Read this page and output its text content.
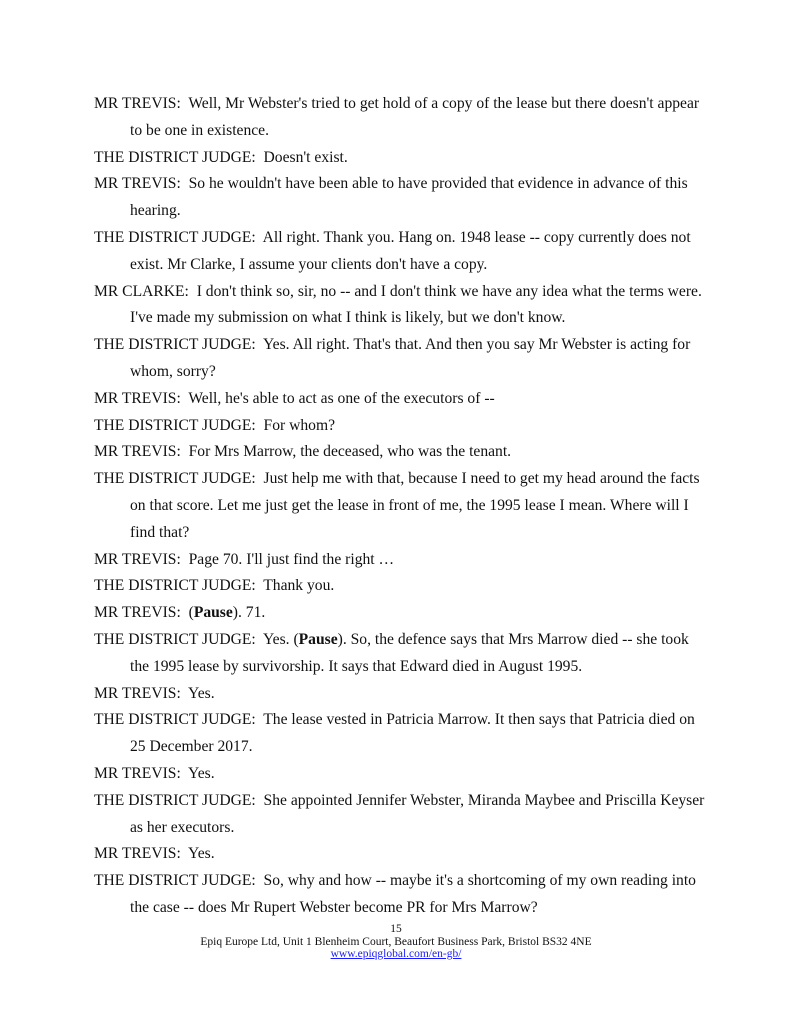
MR TREVIS : Well, Mr Webster's tried to get hold of a copy of the lease but there doesn't appear to be one in existence.

THE DISTRICT JUDGE : Doesn't exist.

MR TREVIS : So he wouldn't have been able to have provided that evidence in advance of this hearing.

THE DISTRICT JUDGE : All right. Thank you. Hang on. 1948 lease -- copy currently does not exist. Mr Clarke, I assume your clients don't have a copy.

MR CLARKE : I don't think so, sir, no -- and I don't think we have any idea what the terms were. I've made my submission on what I think is likely, but we don't know.

THE DISTRICT JUDGE : Yes. All right. That's that. And then you say Mr Webster is acting for whom, sorry?

MR TREVIS : Well, he's able to act as one of the executors of --

THE DISTRICT JUDGE : For whom?

MR TREVIS : For Mrs Marrow, the deceased, who was the tenant.

THE DISTRICT JUDGE : Just help me with that, because I need to get my head around the facts on that score. Let me just get the lease in front of me, the 1995 lease I mean. Where will I find that?

MR TREVIS : Page 70. I'll just find the right …

THE DISTRICT JUDGE : Thank you.

MR TREVIS : (Pause). 71.

THE DISTRICT JUDGE : Yes. (Pause). So, the defence says that Mrs Marrow died -- she took the 1995 lease by survivorship. It says that Edward died in August 1995.

MR TREVIS : Yes.

THE DISTRICT JUDGE : The lease vested in Patricia Marrow. It then says that Patricia died on 25 December 2017.

MR TREVIS : Yes.

THE DISTRICT JUDGE : She appointed Jennifer Webster, Miranda Maybee and Priscilla Keyser as her executors.

MR TREVIS : Yes.

THE DISTRICT JUDGE : So, why and how -- maybe it's a shortcoming of my own reading into the case -- does Mr Rupert Webster become PR for Mrs Marrow?

15
Epiq Europe Ltd, Unit 1 Blenheim Court, Beaufort Business Park, Bristol BS32 4NE
www.epiqglobal.com/en-gb/
